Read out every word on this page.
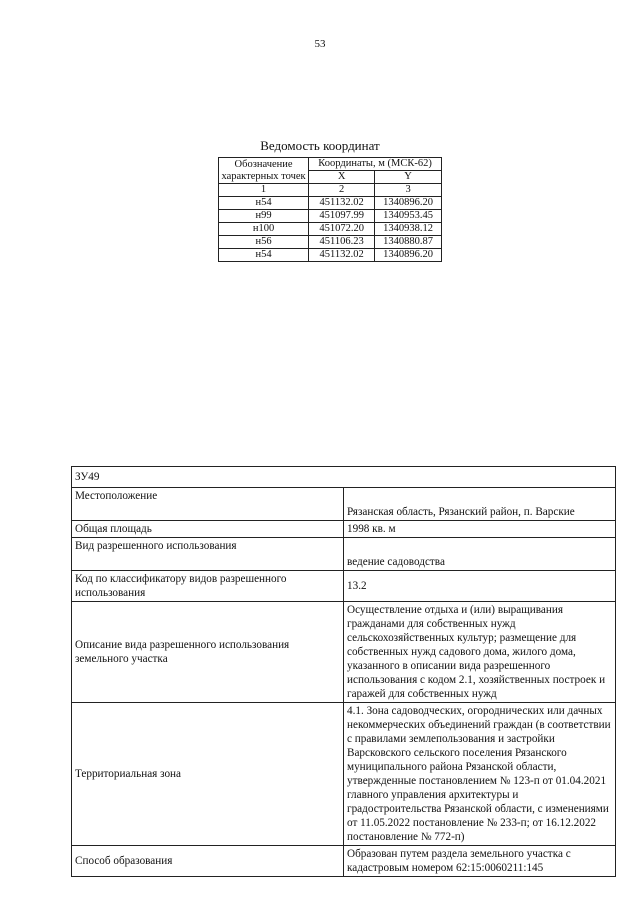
53
Ведомость координат
Обозначение характерных точек	Координаты, м (МСК-62)	
	X	Y
1	2	3
н54	451132.02	1340896.20
н99	451097.99	1340953.45
н100	451072.20	1340938.12
н56	451106.23	1340880.87
н54	451132.02	1340896.20
ЗУ49	
Местоположение	Рязанская область, Рязанский район, п. Варские
Общая площадь	1998 кв. м
Вид разрешенного использования	ведение садоводства
Код по классификатору видов разрешенного использования	13.2
Описание вида разрешенного использования земельного участка	Осуществление отдыха и (или) выращивания гражданами для собственных нужд сельскохозяйственных культур; размещение для собственных нужд садового дома, жилого дома, указанного в описании вида разрешенного использования с кодом 2.1, хозяйственных построек и гаражей для собственных нужд
Территориальная зона	4.1. Зона садоводческих, огороднических или дачных некоммерческих объединений граждан (в соответствии с правилами землепользования и застройки Варсковского сельского поселения Рязанского муниципального района Рязанской области, утвержденные постановлением № 123-п от 01.04.2021 главного управления архитектуры и градостроительства Рязанской области, с изменениями от 11.05.2022 постановление № 233-п; от 16.12.2022 постановление № 772-п)
Способ образования	Образован путем раздела земельного участка с кадастровым номером 62:15:0060211:145
